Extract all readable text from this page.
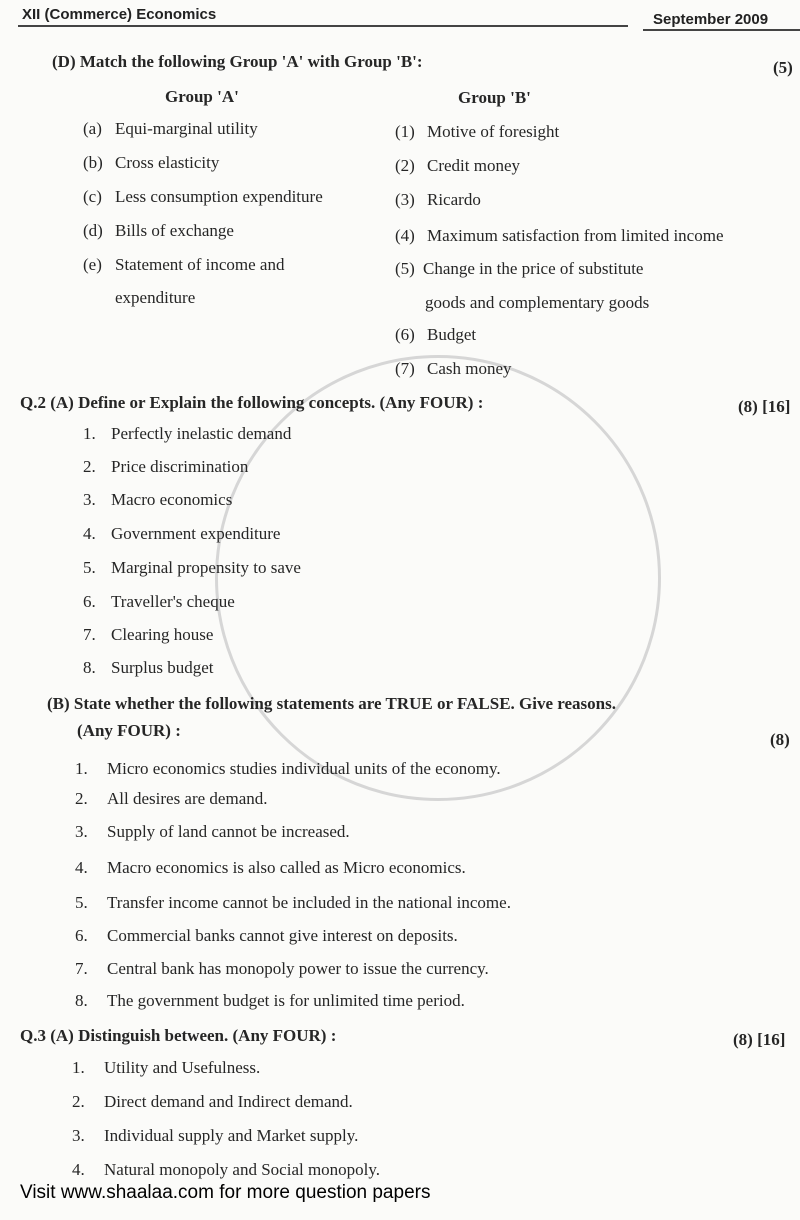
XII (Commerce) Economics	September 2009
(D) Match the following Group 'A' with Group 'B':	(5)
Group 'A'	Group 'B'
Q.2 (A) Define or Explain the following concepts. (Any FOUR) :	(8) [16]
(B) State whether the following statements are TRUE or FALSE. Give reasons.
(Any FOUR) :	(8)
Q.3 (A) Distinguish between. (Any FOUR) :	(8) [16]
(a) Equi-marginal utility
(b) Cross elasticity
(c) Less consumption expenditure
(d) Bills of exchange
(e) Statement of income and
expenditure
(1) Motive of foresight
(2) Credit money
(3) Ricardo
(4) Maximum satisfaction from limited income
(5) Change in the price of substitute
(6) Budget
(7) Cash money
goods and complementary goods
1. Perfectly inelastic demand
2. Price discrimination
3. Macro economics
4. Government expenditure
5. Marginal propensity to save
6. Traveller's cheque
7. Clearing house
8. Surplus budget
1. Micro economics studies individual units of the economy.
2. All desires are demand.
3. Supply of land cannot be increased.
4. Macro economics is also called as Micro economics.
5. Transfer income cannot be included in the national income.
6. Commercial banks cannot give interest on deposits.
7. Central bank has monopoly power to issue the currency.
8. The government budget is for unlimited time period.
1. Utility and Usefulness.
2. Direct demand and Indirect demand.
3. Individual supply and Market supply.
4. Natural monopoly and Social monopoly.
Visit www.shaalaa.com for more question papers
